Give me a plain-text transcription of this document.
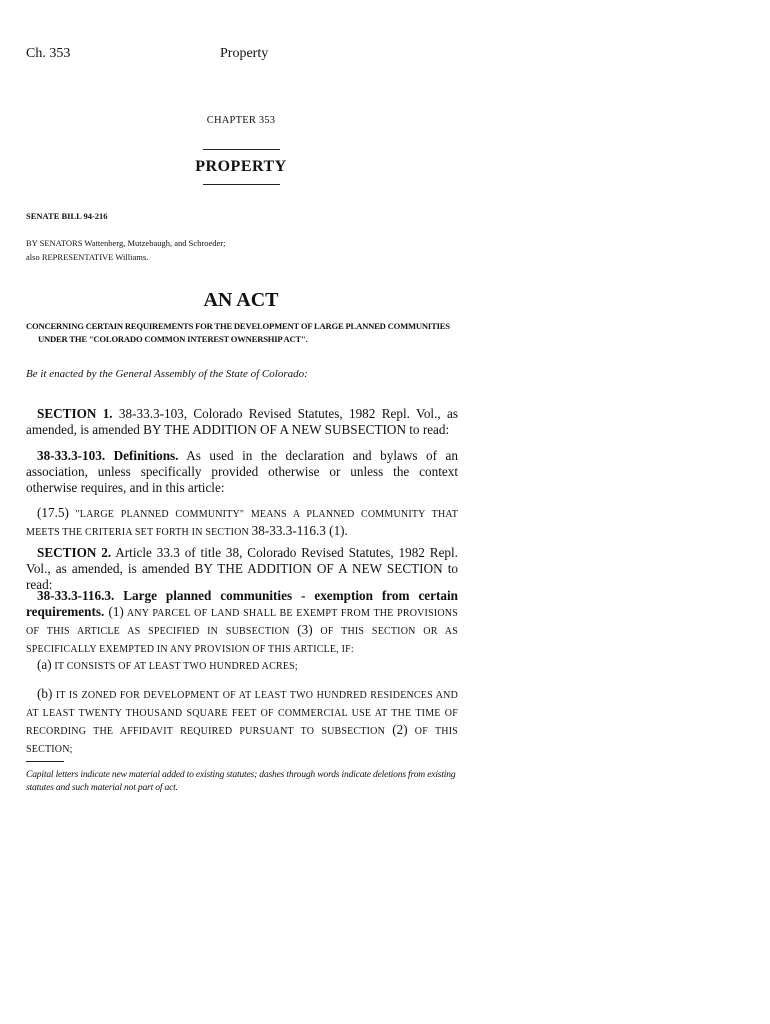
Ch. 353	Property
CHAPTER 353
PROPERTY
SENATE BILL 94-216
BY SENATORS Wattenberg, Mutzebaugh, and Schroeder;
also REPRESENTATIVE Williams.
AN ACT
CONCERNING CERTAIN REQUIREMENTS FOR THE DEVELOPMENT OF LARGE PLANNED COMMUNITIES
UNDER THE "COLORADO COMMON INTEREST OWNERSHIP ACT".
Be it enacted by the General Assembly of the State of Colorado:
SECTION 1. 38-33.3-103, Colorado Revised Statutes, 1982 Repl. Vol., as amended, is amended BY THE ADDITION OF A NEW SUBSECTION to read:
38-33.3-103. Definitions. As used in the declaration and bylaws of an association, unless specifically provided otherwise or unless the context otherwise requires, and in this article:
(17.5) "LARGE PLANNED COMMUNITY" MEANS A PLANNED COMMUNITY THAT MEETS THE CRITERIA SET FORTH IN SECTION 38-33.3-116.3 (1).
SECTION 2. Article 33.3 of title 38, Colorado Revised Statutes, 1982 Repl. Vol., as amended, is amended BY THE ADDITION OF A NEW SECTION to read:
38-33.3-116.3. Large planned communities - exemption from certain requirements. (1) ANY PARCEL OF LAND SHALL BE EXEMPT FROM THE PROVISIONS OF THIS ARTICLE AS SPECIFIED IN SUBSECTION (3) OF THIS SECTION OR AS SPECIFICALLY EXEMPTED IN ANY PROVISION OF THIS ARTICLE, IF:
(a) IT CONSISTS OF AT LEAST TWO HUNDRED ACRES;
(b) IT IS ZONED FOR DEVELOPMENT OF AT LEAST TWO HUNDRED RESIDENCES AND AT LEAST TWENTY THOUSAND SQUARE FEET OF COMMERCIAL USE AT THE TIME OF RECORDING THE AFFIDAVIT REQUIRED PURSUANT TO SUBSECTION (2) OF THIS SECTION;
Capital letters indicate new material added to existing statutes; dashes through words indicate deletions from existing
statutes and such material not part of act.
